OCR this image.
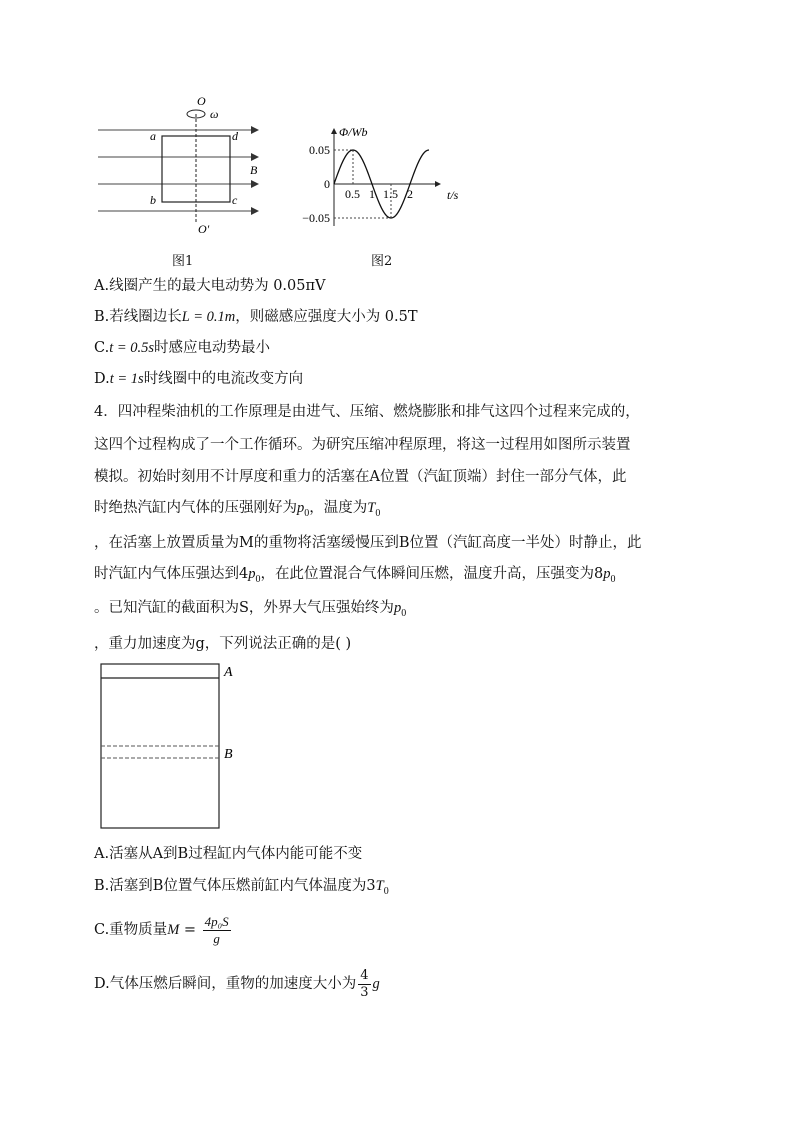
O
ω
a	d
b	c
B
O'
图1
Φ/Wb
t/s
0.5 1 1.5 2
0.05
0
−0.05
图2
A.线圈产生的最大电动势为 0.05πV
B.若线圈边长L = 0.1m，则磁感应强度大小为 0.5T
C.t = 0.5s时感应电动势最小
D.t = 1s时线圈中的电流改变方向
4．四冲程柴油机的工作原理是由进气、压缩、燃烧膨胀和排气这四个过程来完成的，
这四个过程构成了一个工作循环。为研究压缩冲程原理，将这一过程用如图所示装置
模拟。初始时刻用不计厚度和重力的活塞在A位置（汽缸顶端）封住一部分气体，此
时绝热汽缸内气体的压强刚好为$p_0$，温度为$T_0$
，在活塞上放置质量为M的重物将活塞缓慢压到B位置（汽缸高度一半处）时静止，此
时汽缸内气体压强达到$4p_0$，在此位置混合气体瞬间压燃，温度升高，压强变为$8p_0$
。已知汽缸的截面积为S，外界大气压强始终为$p_0$
，重力加速度为g，下列说法正确的是( )
A
B
A.活塞从A到B过程缸内气体内能可能不变
B.活塞到B位置气体压燃前缸内气体温度为$3T_0$
C.重物质量$M = \frac{\text{4p₀S}}{g}$
D.气体压燃后瞬间，重物的加速度大小为 $\frac{4}{3}$ g
